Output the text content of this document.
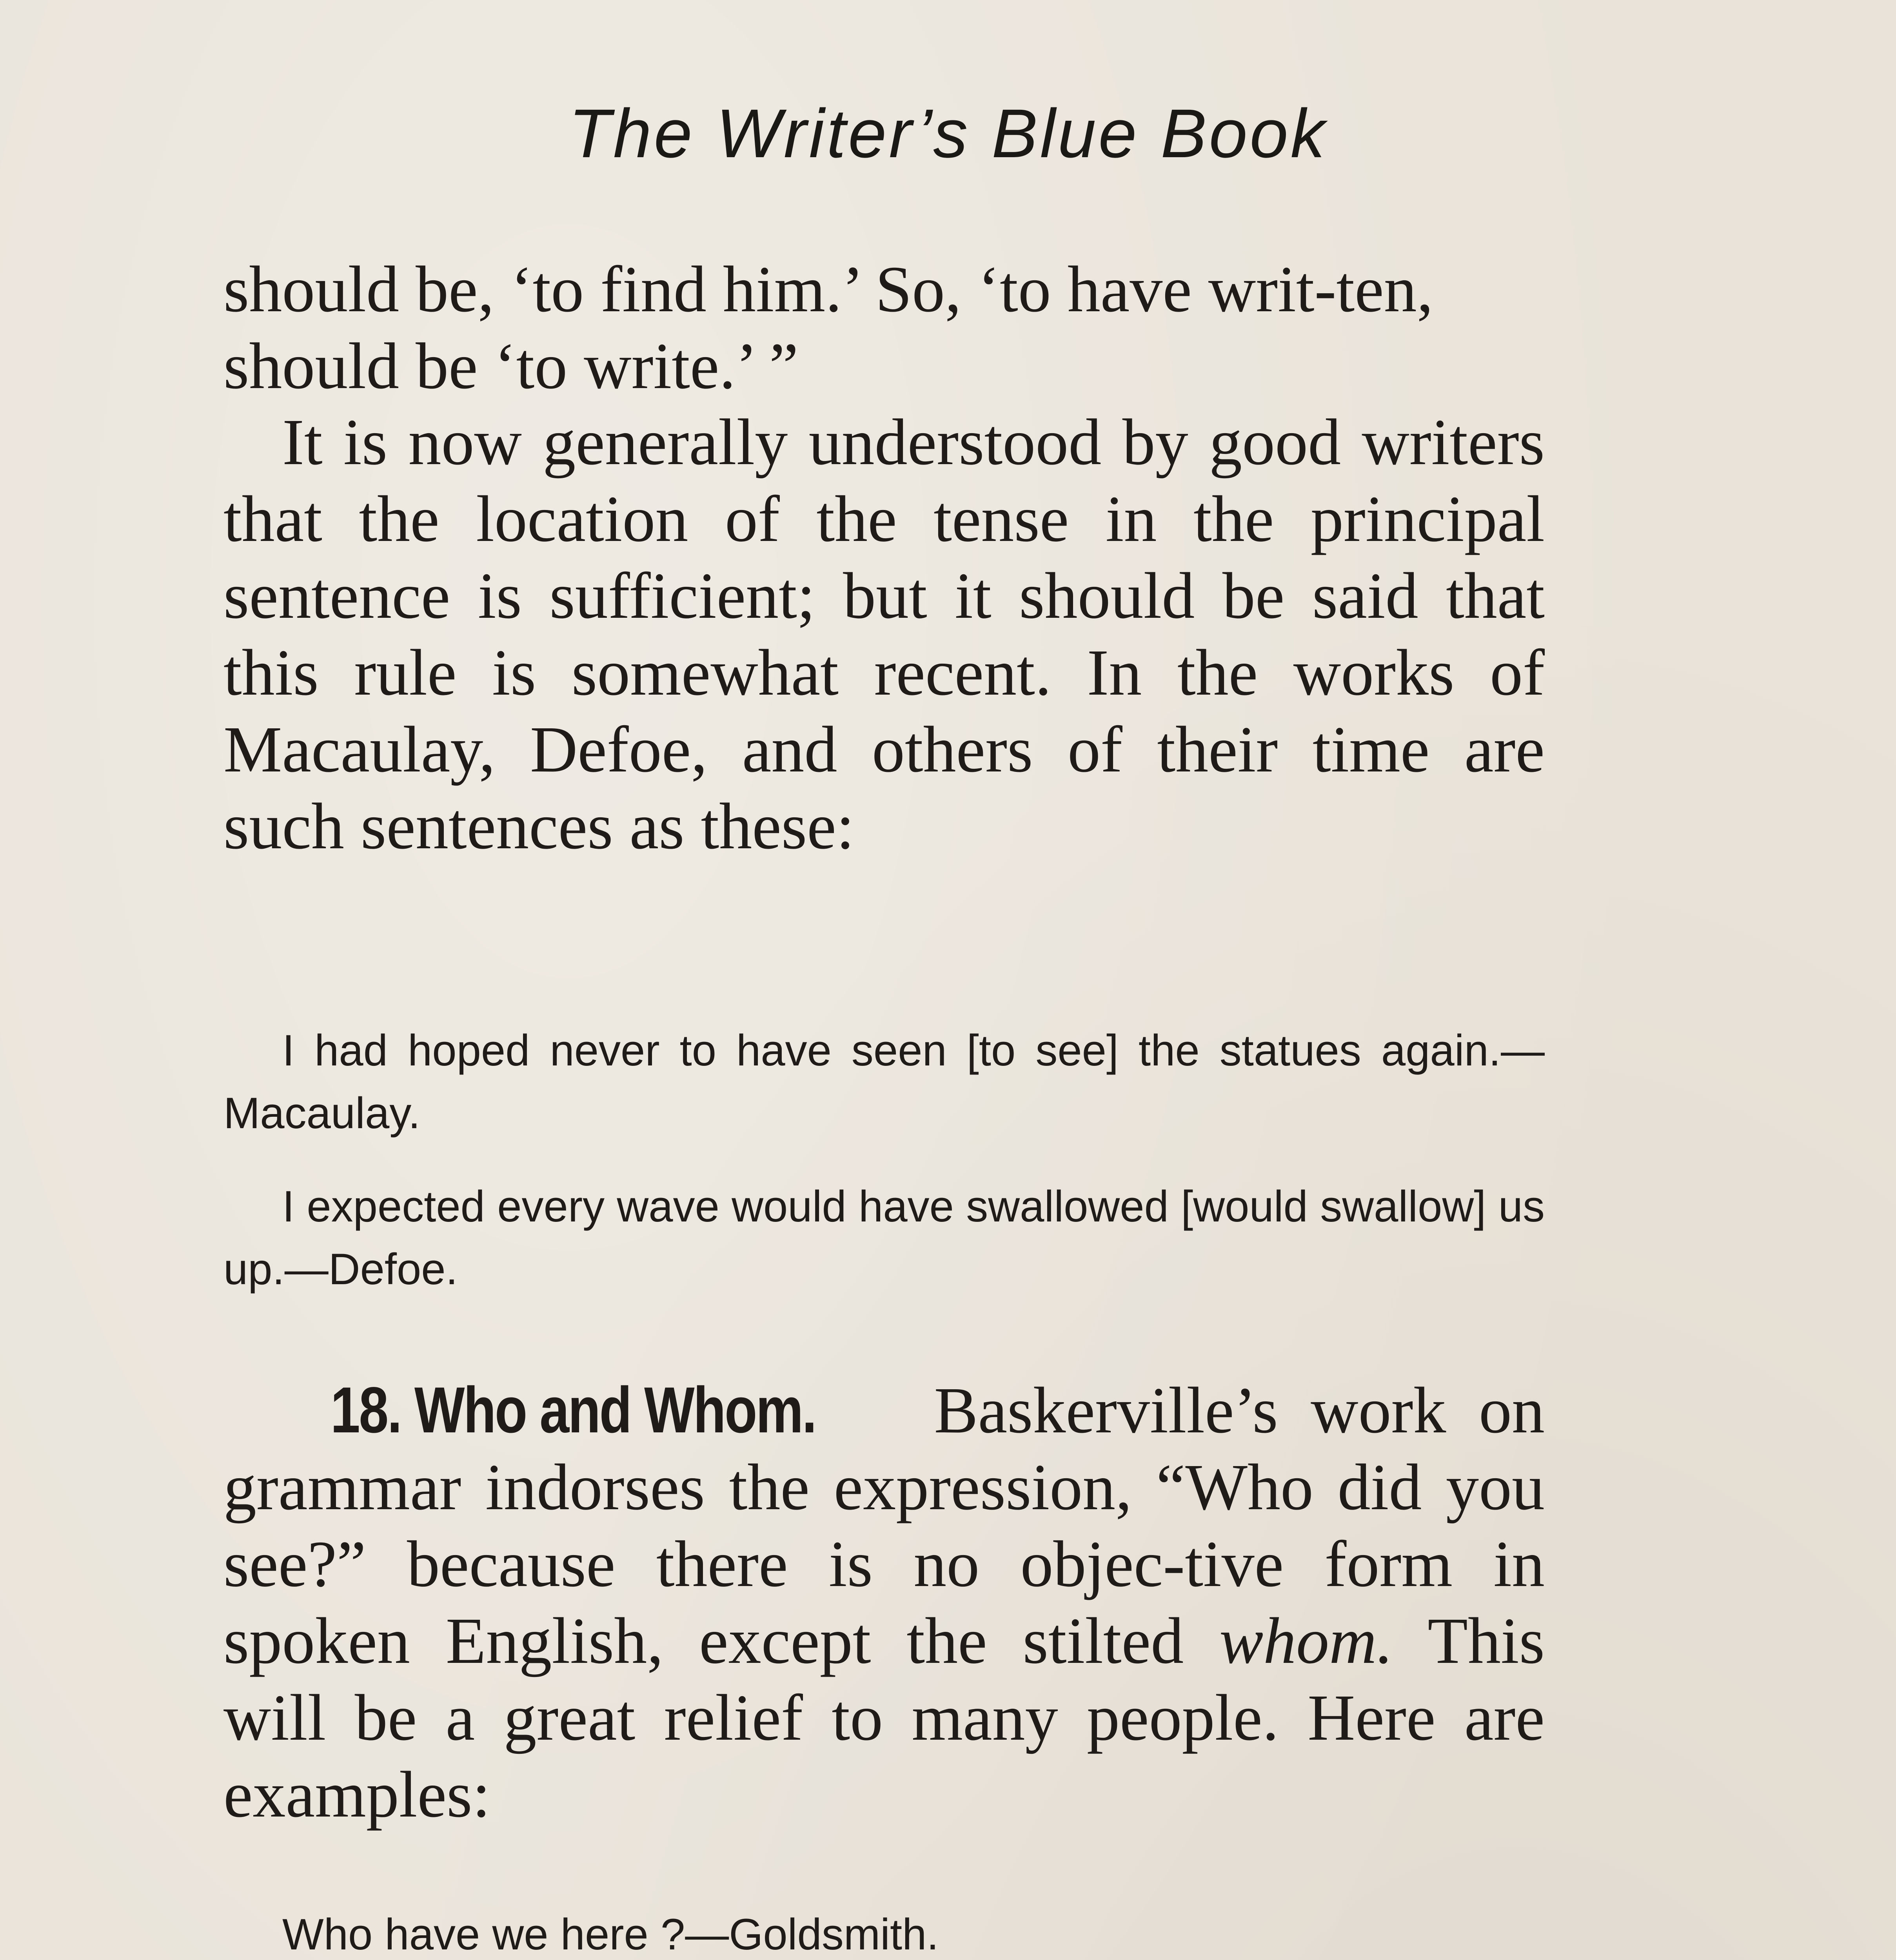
The Writer’s Blue Book

should be, ‘to find him.’ So, ‘to have writ-ten, should be ‘to write.’ ”

It is now generally understood by good writers that the location of the tense in the principal sentence is sufficient; but it should be said that this rule is somewhat recent. In the works of Macaulay, Defoe, and others of their time are such sentences as these:

I had hoped never to have seen [to see] the statues again.—Macaulay.

I expected every wave would have swallowed [would swallow] us up.—Defoe.

18. Who and Whom. Baskerville’s work on grammar indorses the expression, “Who did you see?” because there is no objec-tive form in spoken English, except the stilted whom. This will be a great relief to many people. Here are examples:

Who have we here ?—Goldsmith.
